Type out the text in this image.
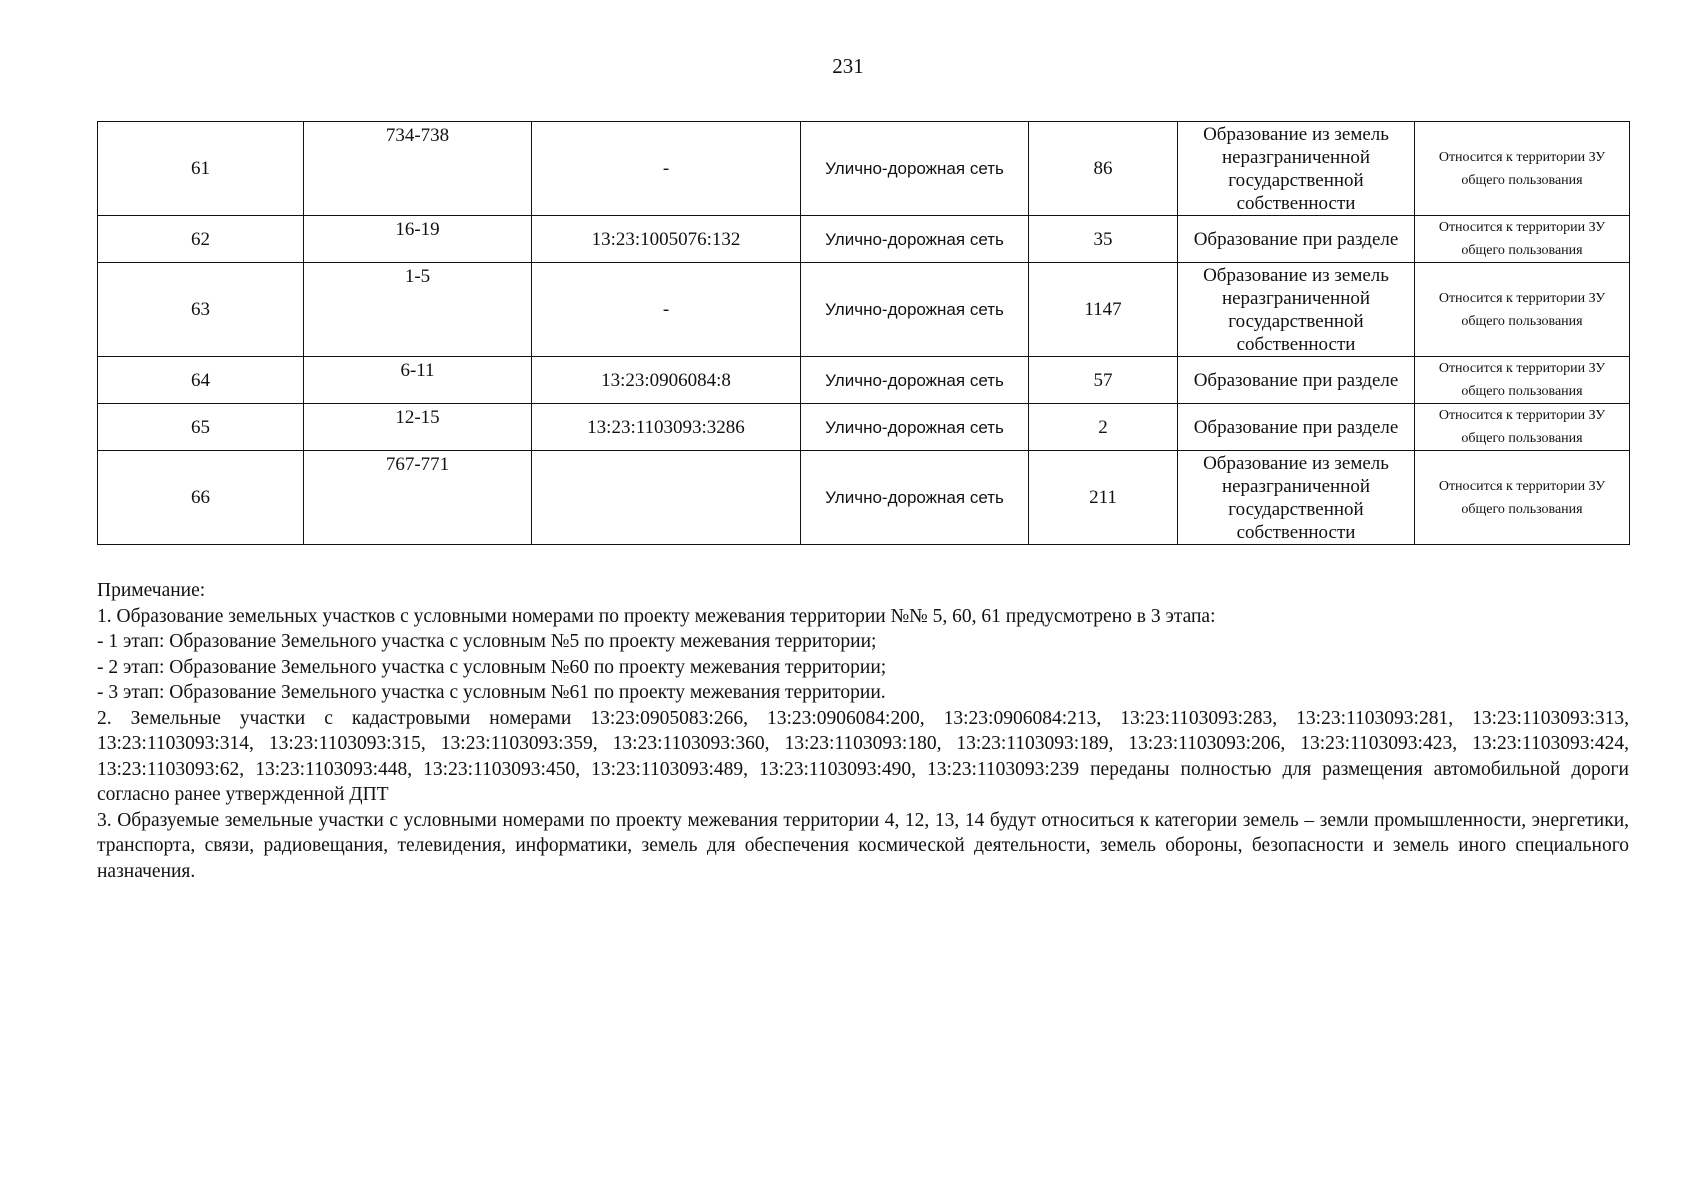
231
61	734-738	-	Улично-дорожная сеть	86	Образование из земель неразграниченной государственной собственности	Относится к территории ЗУ общего пользования
62	16-19	13:23:1005076:132	Улично-дорожная сеть	35	Образование при разделе	Относится к территории ЗУ общего пользования
63	1-5	-	Улично-дорожная сеть	1147	Образование из земель неразграниченной государственной собственности	Относится к территории ЗУ общего пользования
64	6-11	13:23:0906084:8	Улично-дорожная сеть	57	Образование при разделе	Относится к территории ЗУ общего пользования
65	12-15	13:23:1103093:3286	Улично-дорожная сеть	2	Образование при разделе	Относится к территории ЗУ общего пользования
66	767-771		Улично-дорожная сеть	211	Образование из земель неразграниченной государственной собственности	Относится к территории ЗУ общего пользования

Примечание:

1. Образование земельных участков с условными номерами по проекту межевания территории №№ 5, 60, 61 предусмотрено в 3 этапа:

- 1 этап: Образование Земельного участка с условным №5 по проекту межевания территории;

- 2 этап: Образование Земельного участка с условным №60 по проекту межевания территории;

- 3 этап: Образование Земельного участка с условным №61 по проекту межевания территории.

2. Земельные участки с кадастровыми номерами 13:23:0905083:266, 13:23:0906084:200, 13:23:0906084:213, 13:23:1103093:283, 13:23:1103093:281, 13:23:1103093:313, 13:23:1103093:314, 13:23:1103093:315, 13:23:1103093:359, 13:23:1103093:360, 13:23:1103093:180, 13:23:1103093:189, 13:23:1103093:206, 13:23:1103093:423, 13:23:1103093:424, 13:23:1103093:62, 13:23:1103093:448, 13:23:1103093:450, 13:23:1103093:489, 13:23:1103093:490, 13:23:1103093:239 переданы полностью для размещения автомобильной дороги согласно ранее утвержденной ДПТ

3. Образуемые земельные участки с условными номерами по проекту межевания территории 4, 12, 13, 14 будут относиться к категории земель – земли промышленности, энергетики, транспорта, связи, радиовещания, телевидения, информатики, земель для обеспечения космической деятельности, земель обороны, безопасности и земель иного специального назначения.
